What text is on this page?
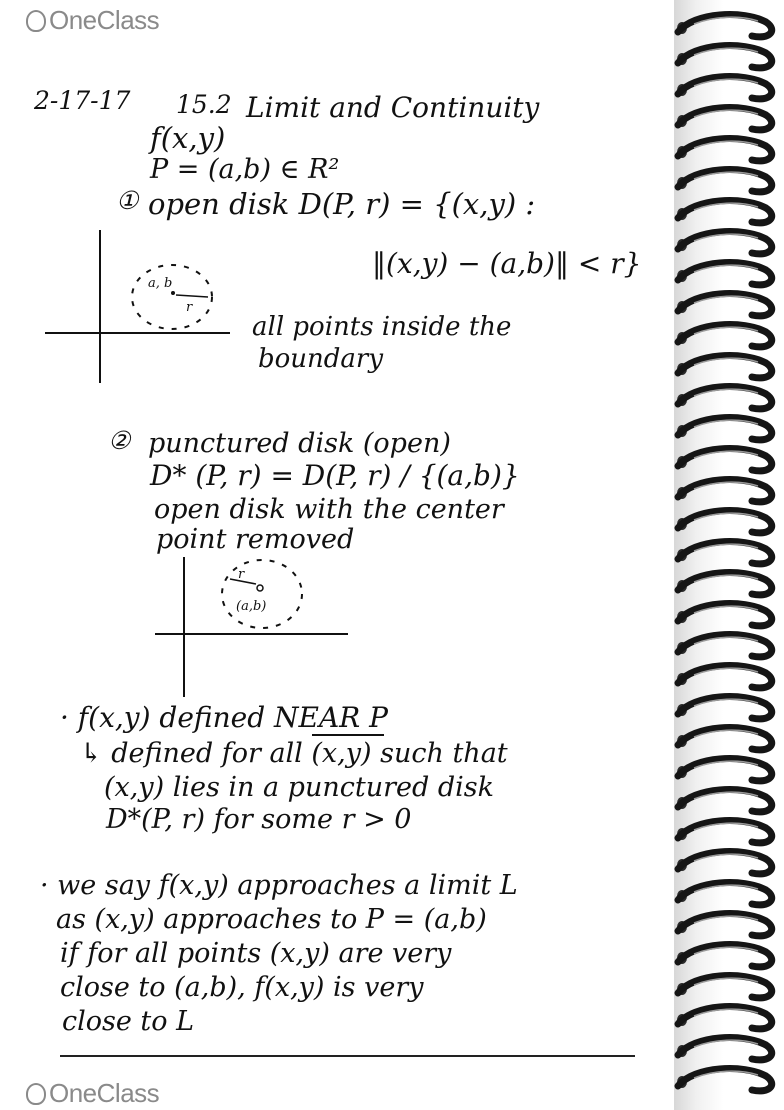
OneClass
OneClass
2-17-17 15.2 Limit and Continuity
f(x,y)
P = (a,b) ∈ R²
① open disk D(P, r) = {(x,y) :
‖(x,y) − (a,b)‖ < r}
a, b
r
all points inside the
boundary
② punctured disk (open)
D* (P, r) = D(P, r) / {(a,b)}
open disk with the center
point removed
r
(a,b)
· f(x,y) defined NEAR P
↳ defined for all (x,y) such that
(x,y) lies in a punctured disk
D*(P, r) for some r > 0
· we say f(x,y) approaches a limit L
as (x,y) approaches to P = (a,b)
if for all points (x,y) are very
close to (a,b), f(x,y) is very
close to L
